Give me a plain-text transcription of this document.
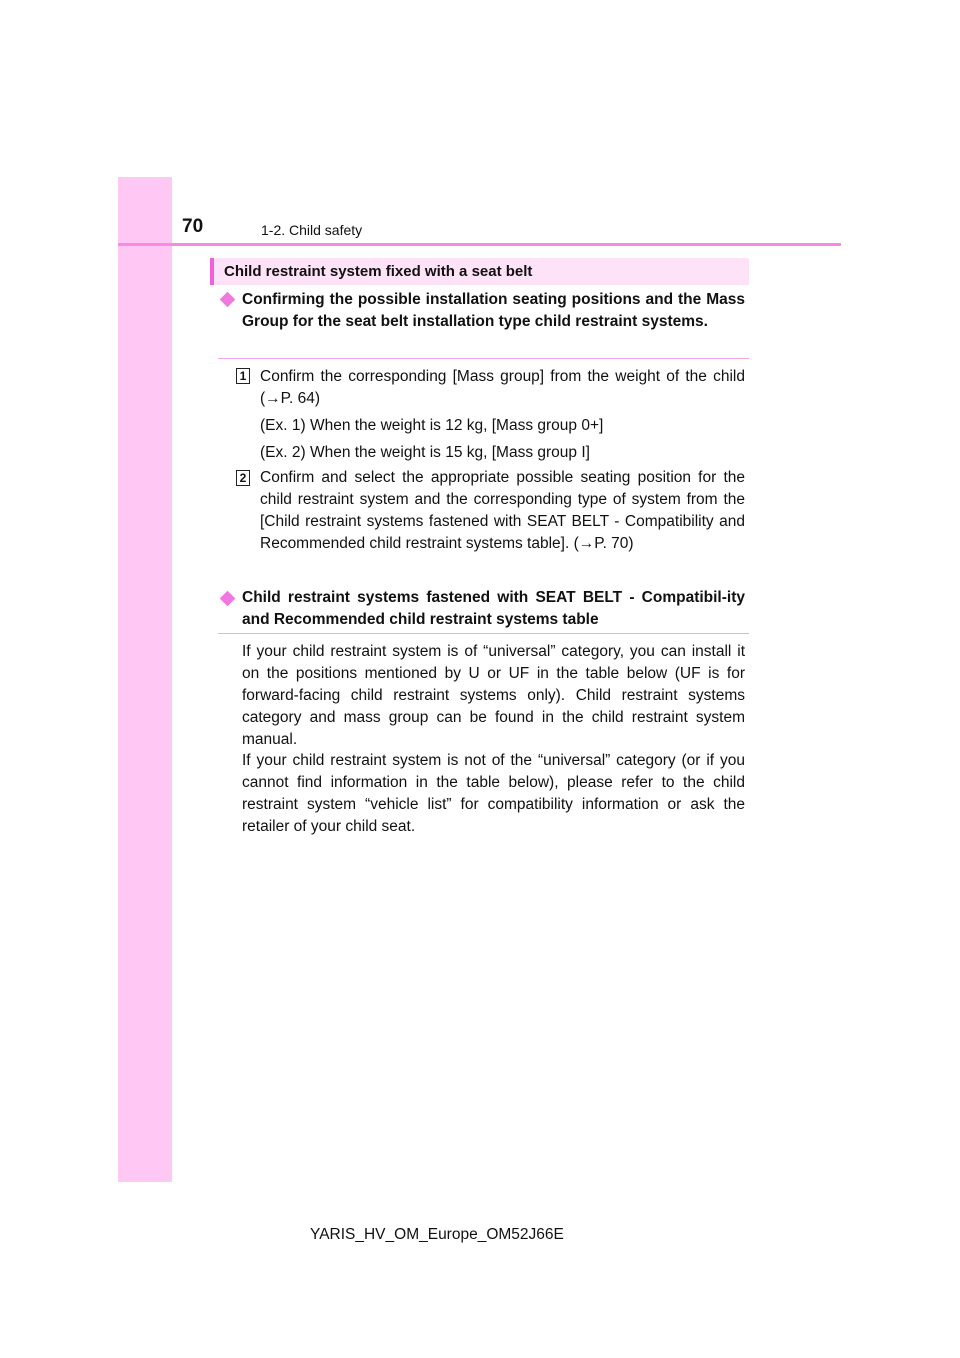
70	1-2. Child safety
Child restraint system fixed with a seat belt
Confirming the possible installation seating positions and the Mass Group for the seat belt installation type child restraint systems.
1 Confirm the corresponding [Mass group] from the weight of the child (→P. 64)
(Ex. 1) When the weight is 12 kg, [Mass group 0+]
(Ex. 2) When the weight is 15 kg, [Mass group I]
2 Confirm and select the appropriate possible seating position for the child restraint system and the corresponding type of system from the [Child restraint systems fastened with SEAT BELT - Compatibility and Recommended child restraint systems table]. (→P. 70)
Child restraint systems fastened with SEAT BELT - Compatibil-ity and Recommended child restraint systems table
If your child restraint system is of “universal” category, you can install it on the positions mentioned by U or UF in the table below (UF is for forward-facing child restraint systems only). Child restraint systems category and mass group can be found in the child restraint system manual.
If your child restraint system is not of the “universal” category (or if you cannot find information in the table below), please refer to the child restraint system “vehicle list” for compatibility information or ask the retailer of your child seat.
YARIS_HV_OM_Europe_OM52J66E
